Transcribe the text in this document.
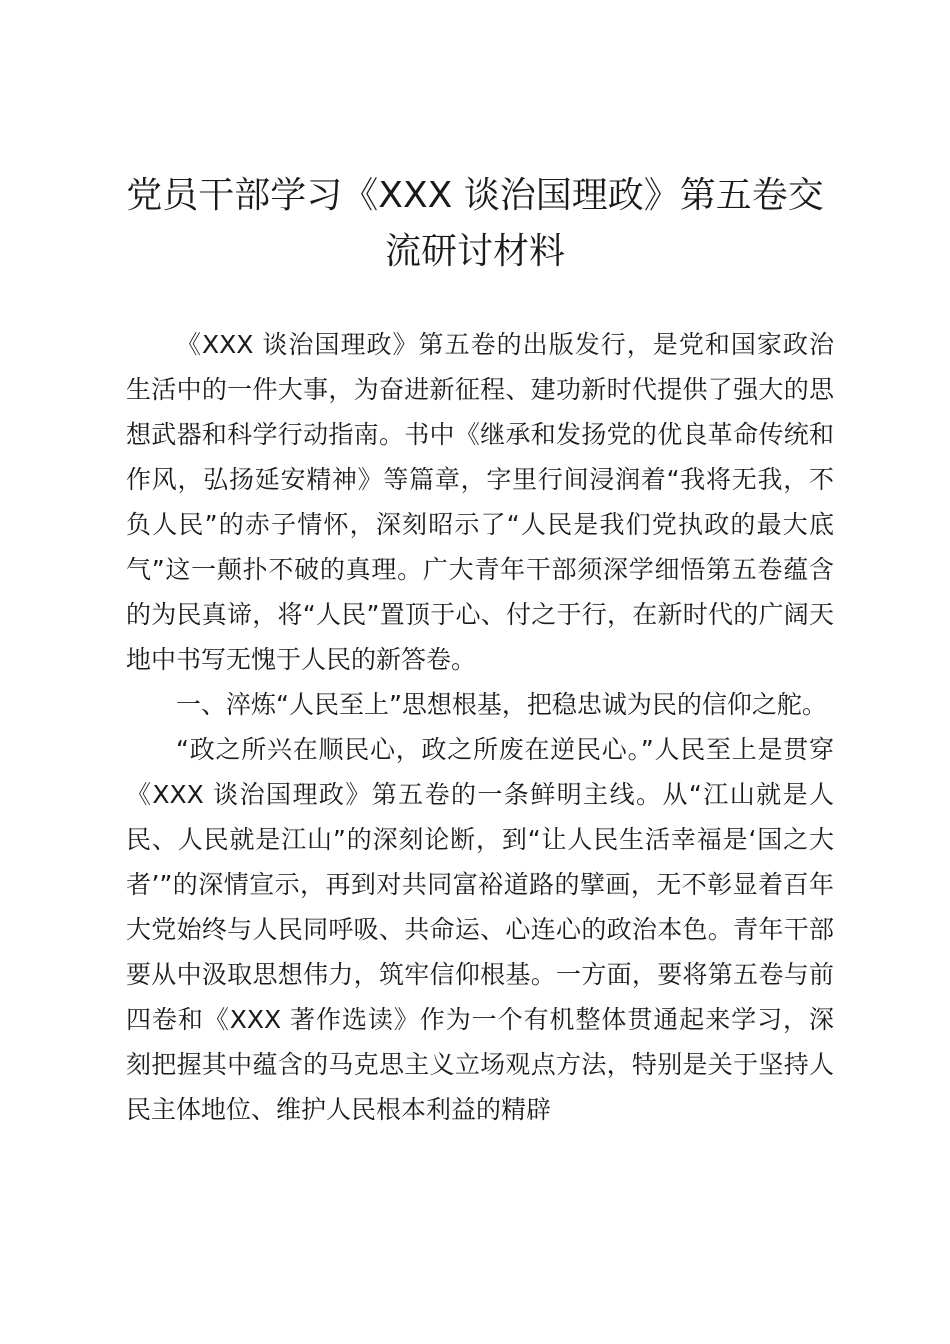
党员干部学习《XXX 谈治国理政》第五卷交流研讨材料

《XXX 谈治国理政》第五卷的出版发行，是党和国家政治生活中的一件大事，为奋进新征程、建功新时代提供了强大的思想武器和科学行动指南。书中《继承和发扬党的优良革命传统和作风，弘扬延安精神》等篇章，字里行间浸润着“我将无我，不负人民”的赤子情怀，深刻昭示了“人民是我们党执政的最大底气”这一颠扑不破的真理。广大青年干部须深学细悟第五卷蕴含的为民真谛，将“人民”置顶于心、付之于行，在新时代的广阔天地中书写无愧于人民的新答卷。

一、淬炼“人民至上”思想根基，把稳忠诚为民的信仰之舵。

“政之所兴在顺民心，政之所废在逆民心。”人民至上是贯穿《XXX 谈治国理政》第五卷的一条鲜明主线。从“江山就是人民、人民就是江山”的深刻论断，到“让人民生活幸福是‘国之大者’”的深情宣示，再到对共同富裕道路的擘画，无不彰显着百年大党始终与人民同呼吸、共命运、心连心的政治本色。青年干部要从中汲取思想伟力，筑牢信仰根基。一方面，要将第五卷与前四卷和《XXX 著作选读》作为一个有机整体贯通起来学习，深刻把握其中蕴含的马克思主义立场观点方法，特别是关于坚持人民主体地位、维护人民根本利益的精辟
